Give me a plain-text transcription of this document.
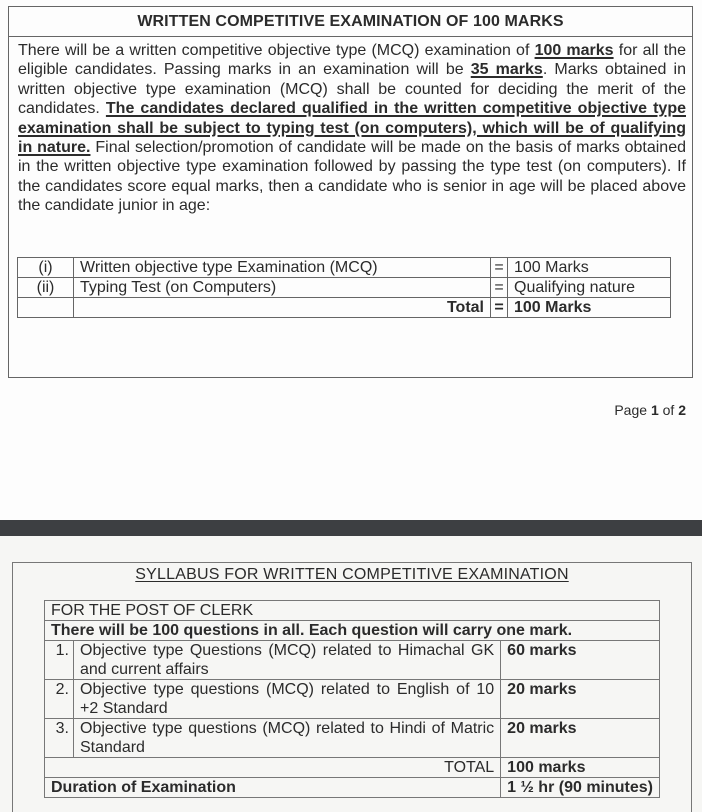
WRITTEN COMPETITIVE EXAMINATION OF 100 MARKS
There will be a written competitive objective type (MCQ) examination of 100 marks for all the eligible candidates. Passing marks in an examination will be 35 marks. Marks obtained in written objective type examination (MCQ) shall be counted for deciding the merit of the candidates. The candidates declared qualified in the written competitive objective type examination shall be subject to typing test (on computers), which will be of qualifying in nature. Final selection/promotion of candidate will be made on the basis of marks obtained in the written objective type examination followed by passing the type test (on computers). If the candidates score equal marks, then a candidate who is senior in age will be placed above the candidate junior in age:
(i)	Written objective type Examination (MCQ)	=	100 Marks
(ii)	Typing Test (on Computers)	=	Qualifying nature
	Total	=	100 Marks
Page 1 of 2
SYLLABUS FOR WRITTEN COMPETITIVE EXAMINATION
FOR THE POST OF CLERK		
There will be 100 questions in all. Each question will carry one mark.		
1.	Objective type Questions (MCQ) related to Himachal GK and current affairs	60 marks
2.	Objective type questions (MCQ) related to English of 10 +2 Standard	20 marks
3.	Objective type questions (MCQ) related to Hindi of Matric Standard	20 marks
TOTAL		100 marks
Duration of Examination		1 ½ hr (90 minutes)
